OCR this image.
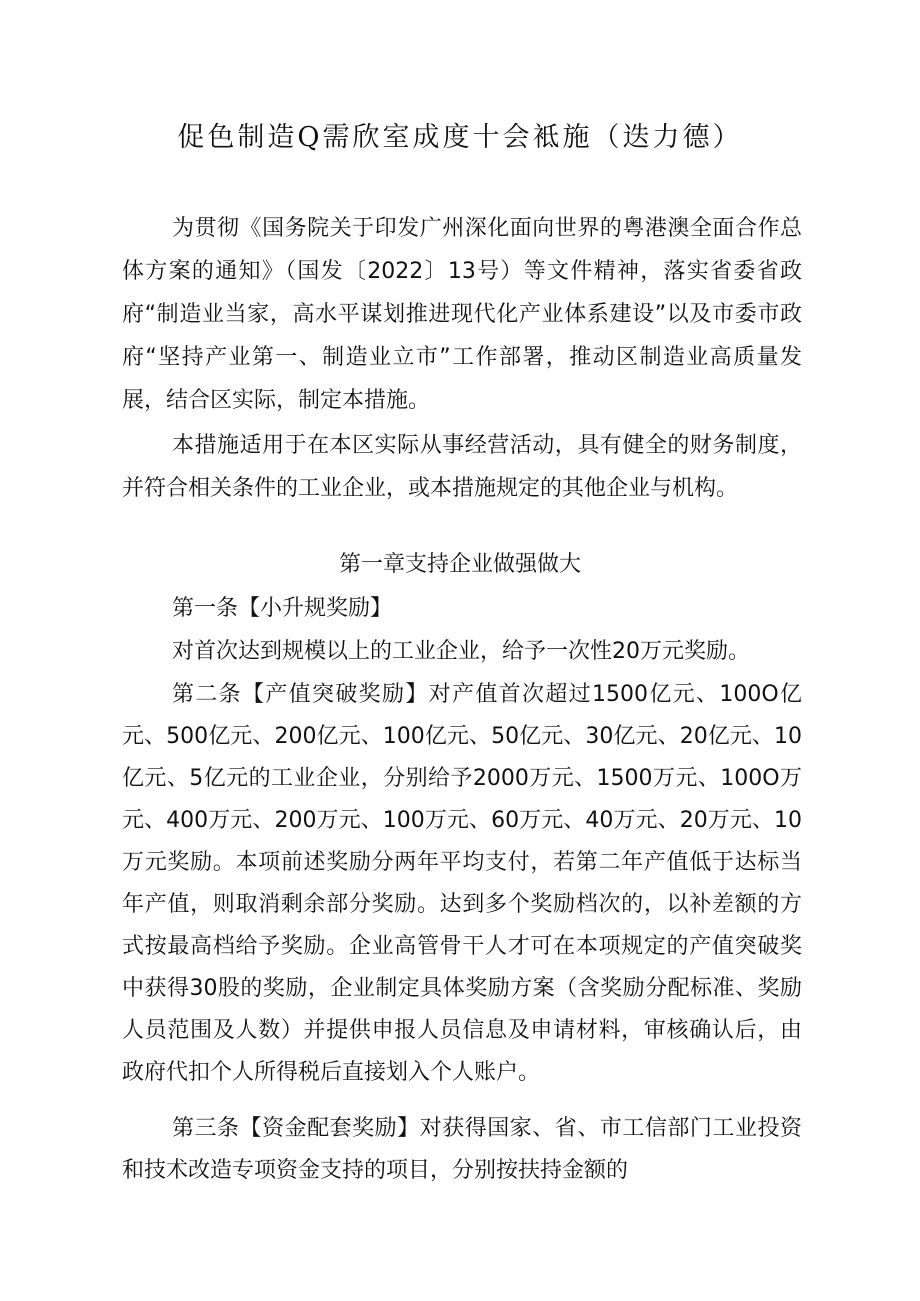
促色制造Q需欣室成度十会袛施（迭力德）
为贯彻《国务院关于印发广州深化面向世界的粤港澳全面合作总体方案的通知》（国发〔2022〕13号）等文件精神，落实省委省政府“制造业当家，高水平谋划推进现代化产业体系建设”以及市委市政府“坚持产业第一、制造业立市”工作部署，推动区制造业高质量发展，结合区实际，制定本措施。
本措施适用于在本区实际从事经营活动，具有健全的财务制度，并符合相关条件的工业企业，或本措施规定的其他企业与机构。
第一章支持企业做强做大
第一条【小升规奖励】
对首次达到规模以上的工业企业，给予一次性20万元奖励。
第二条【产值突破奖励】对产值首次超过1500亿元、100O亿元、500亿元、200亿元、100亿元、50亿元、30亿元、20亿元、10亿元、5亿元的工业企业，分别给予2000万元、1500万元、100O万元、400万元、200万元、100万元、60万元、40万元、20万元、10万元奖励。本项前述奖励分两年平均支付，若第二年产值低于达标当年产值，则取消剩余部分奖励。达到多个奖励档次的，以补差额的方式按最高档给予奖励。企业高管骨干人才可在本项规定的产值突破奖中获得30股的奖励，企业制定具体奖励方案（含奖励分配标准、奖励人员范围及人数）并提供申报人员信息及申请材料，审核确认后，由政府代扣个人所得税后直接划入个人账户。
第三条【资金配套奖励】对获得国家、省、市工信部门工业投资和技术改造专项资金支持的项目，分别按扶持金额的
